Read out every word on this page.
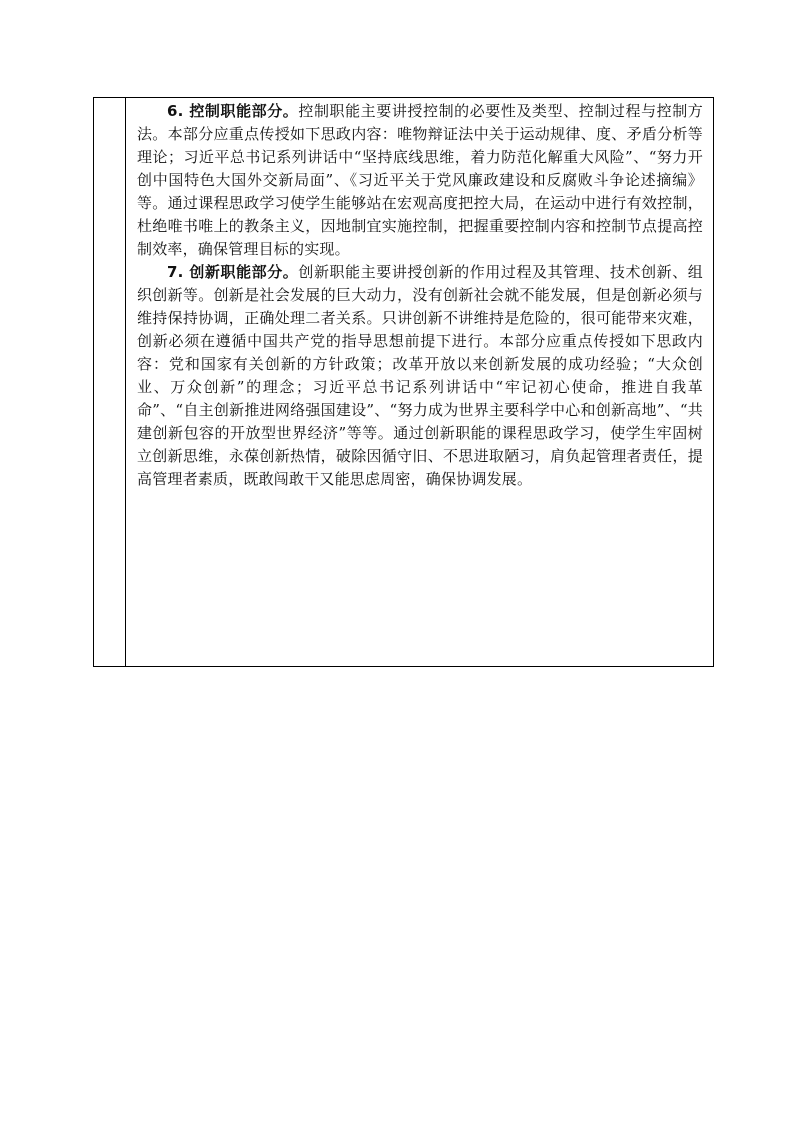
6. 控制职能部分。控制职能主要讲授控制的必要性及类型、控制过程与控制方法。本部分应重点传授如下思政内容：唯物辩证法中关于运动规律、度、矛盾分析等理论；习近平总书记系列讲话中“坚持底线思维，着力防范化解重大风险”、“努力开创中国特色大国外交新局面”、《习近平关于党风廉政建设和反腐败斗争论述摘编》等。通过课程思政学习使学生能够站在宏观高度把控大局，在运动中进行有效控制，杜绝唯书唯上的教条主义，因地制宜实施控制，把握重要控制内容和控制节点提高控制效率，确保管理目标的实现。

7. 创新职能部分。创新职能主要讲授创新的作用过程及其管理、技术创新、组织创新等。创新是社会发展的巨大动力，没有创新社会就不能发展，但是创新必须与维持保持协调，正确处理二者关系。只讲创新不讲维持是危险的，很可能带来灾难，创新必须在遵循中国共产党的指导思想前提下进行。本部分应重点传授如下思政内容：党和国家有关创新的方针政策；改革开放以来创新发展的成功经验；“大众创业、万众创新”的理念；习近平总书记系列讲话中“牢记初心使命，推进自我革命”、“自主创新推进网络强国建设”、“努力成为世界主要科学中心和创新高地”、“共建创新包容的开放型世界经济”等等。通过创新职能的课程思政学习，使学生牢固树立创新思维，永葆创新热情，破除因循守旧、不思进取陋习，肩负起管理者责任，提高管理者素质，既敢闯敢干又能思虑周密，确保协调发展。
